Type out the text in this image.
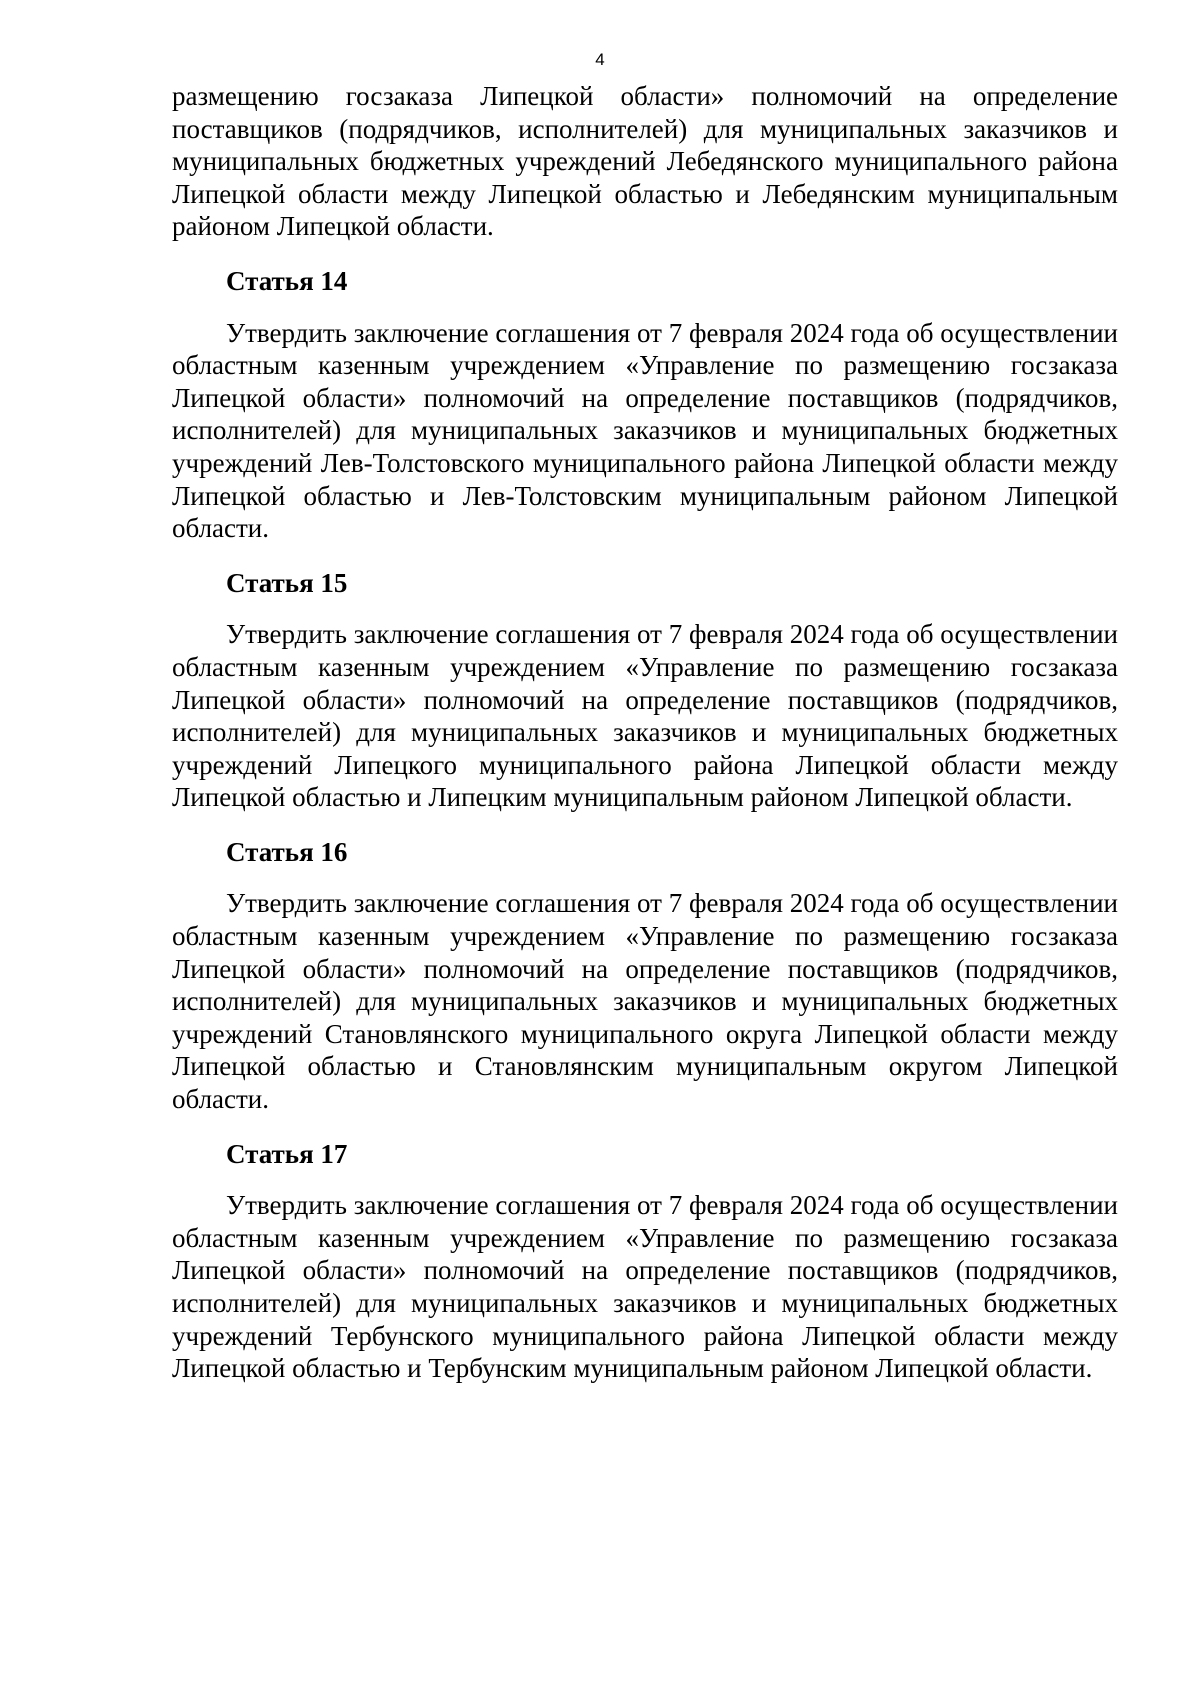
4

размещению госзаказа Липецкой области» полномочий на определение поставщиков (подрядчиков, исполнителей) для муниципальных заказчиков и муниципальных бюджетных учреждений Лебедянского муниципального района Липецкой области между Липецкой областью и Лебедянским муниципальным районом Липецкой области.

Статья 14

Утвердить заключение соглашения от 7 февраля 2024 года об осуществлении областным казенным учреждением «Управление по размещению госзаказа Липецкой области» полномочий на определение поставщиков (подрядчиков, исполнителей) для муниципальных заказчиков и муниципальных бюджетных учреждений Лев-Толстовского муниципального района Липецкой области между Липецкой областью и Лев-Толстовским муниципальным районом Липецкой области.

Статья 15

Утвердить заключение соглашения от 7 февраля 2024 года об осуществлении областным казенным учреждением «Управление по размещению госзаказа Липецкой области» полномочий на определение поставщиков (подрядчиков, исполнителей) для муниципальных заказчиков и муниципальных бюджетных учреждений Липецкого муниципального района Липецкой области между Липецкой областью и Липецким муниципальным районом Липецкой области.

Статья 16

Утвердить заключение соглашения от 7 февраля 2024 года об осуществлении областным казенным учреждением «Управление по размещению госзаказа Липецкой области» полномочий на определение поставщиков (подрядчиков, исполнителей) для муниципальных заказчиков и муниципальных бюджетных учреждений Становлянского муниципального округа Липецкой области между Липецкой областью и Становлянским муниципальным округом Липецкой области.

Статья 17

Утвердить заключение соглашения от 7 февраля 2024 года об осуществлении областным казенным учреждением «Управление по размещению госзаказа Липецкой области» полномочий на определение поставщиков (подрядчиков, исполнителей) для муниципальных заказчиков и муниципальных бюджетных учреждений Тербунского муниципального района Липецкой области между Липецкой областью и Тербунским муниципальным районом Липецкой области.
